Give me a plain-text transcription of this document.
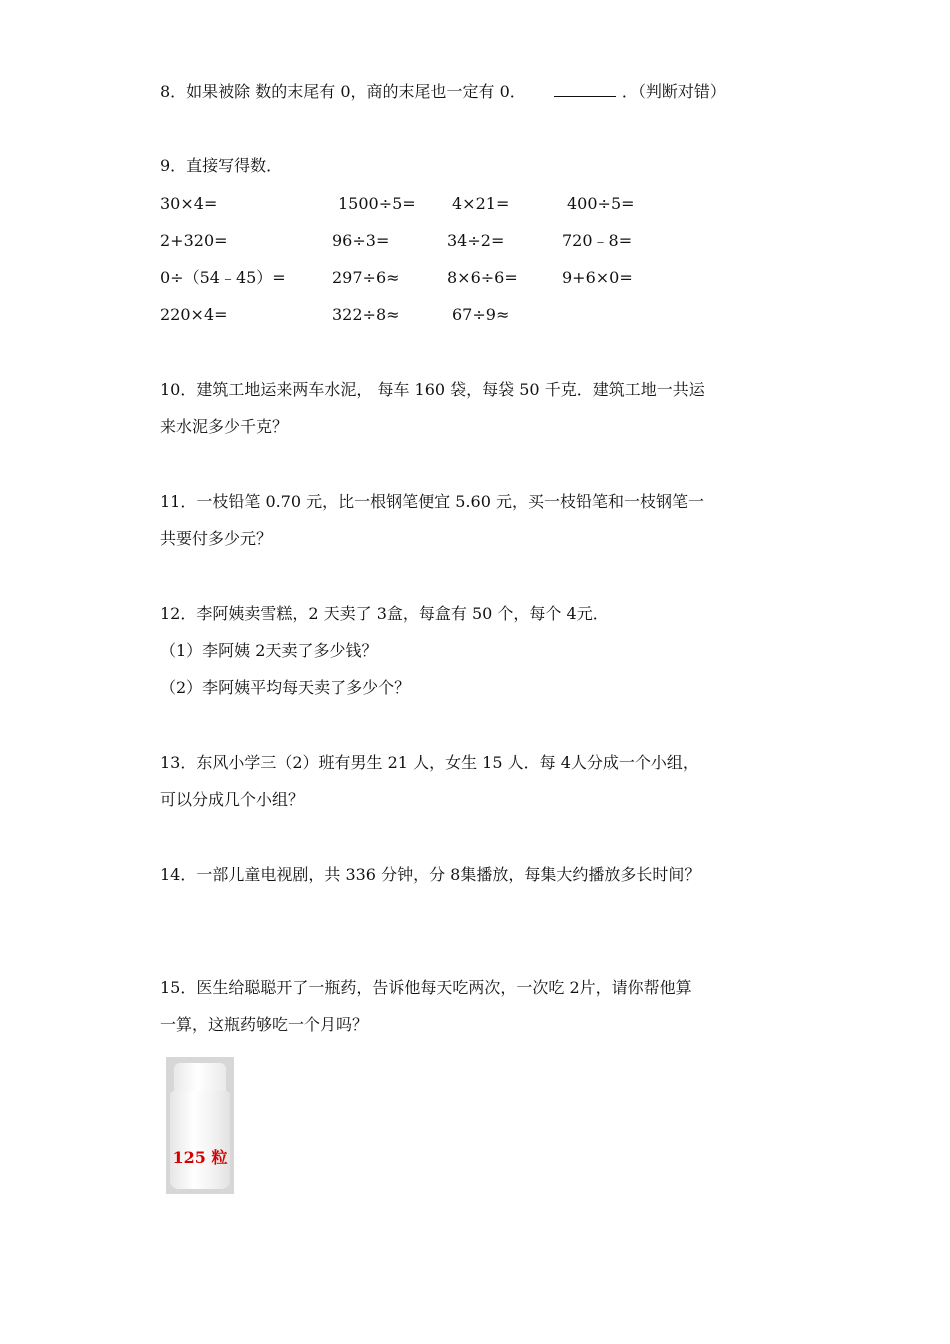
8．如果被除 数的末尾有 0，商的末尾也一定有 0．	．（判断对错）
9．直接写得数．
30×4=	1500÷5= 4×21=	400÷5=
2+320=	96÷3=	34÷2=	720﹣8=
0÷（54﹣45）=	297÷6≈	8×6÷6=	9+6×0=
220×4=	322÷8≈	67÷9≈
10．建筑工地运来两车水泥， 每车 160 袋，每袋 50 千克．建筑工地一共运
来水泥多少千克？
11．一枝铅笔 0.70 元，比一根钢笔便宜 5.60 元，买一枝铅笔和一枝钢笔一
共要付多少元？
12．李阿姨卖雪糕，2 天卖了 3盒，每盒有 50 个，每个 4元．
（1）李阿姨 2天卖了多少钱？
（2）李阿姨平均每天卖了多少个？
13．东风小学三（2）班有男生 21 人，女生 15 人．每 4人分成一个小组，
可以分成几个小组？
14．一部儿童电视剧，共 336 分钟，分 8集播放，每集大约播放多长时间？
15．医生给聪聪开了一瓶药，告诉他每天吃两次，一次吃 2片，请你帮他算
一算，这瓶药够吃一个月吗？
125 粒
